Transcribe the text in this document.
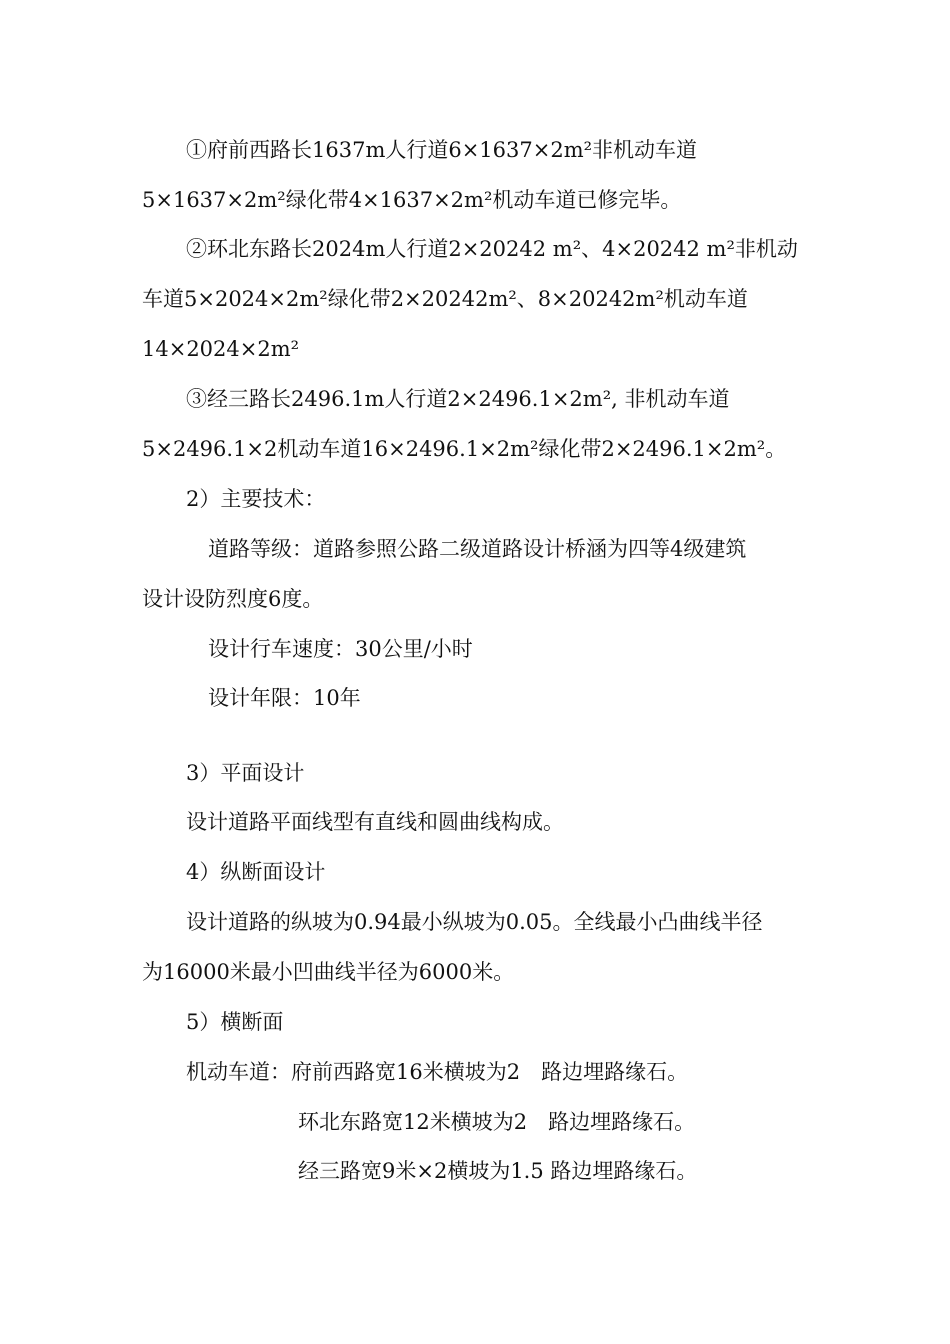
①府前西路长1637m人行道6×1637×2m²非机动车道
5×1637×2m²绿化带4×1637×2m²机动车道已修完毕。
②环北东路长2024m人行道2×20242 m²、4×20242 m²非机动
车道5×2024×2m²绿化带2×20242m²、8×20242m²机动车道
14×2024×2m²
③经三路长2496.1m人行道2×2496.1×2m², 非机动车道
5×2496.1×2机动车道16×2496.1×2m²绿化带2×2496.1×2m²。
2）主要技术：
道路等级：道路参照公路二级道路设计桥涵为四等4级建筑
设计设防烈度6度。
设计行车速度：30公里/小时
设计年限：10年
3）平面设计
设计道路平面线型有直线和圆曲线构成。
4）纵断面设计
设计道路的纵坡为0.94最小纵坡为0.05。全线最小凸曲线半径
为16000米最小凹曲线半径为6000米。
5）横断面
机动车道：府前西路宽16米横坡为2　路边埋路缘石。
环北东路宽12米横坡为2　路边埋路缘石。
经三路宽9米×2横坡为1.5 路边埋路缘石。
